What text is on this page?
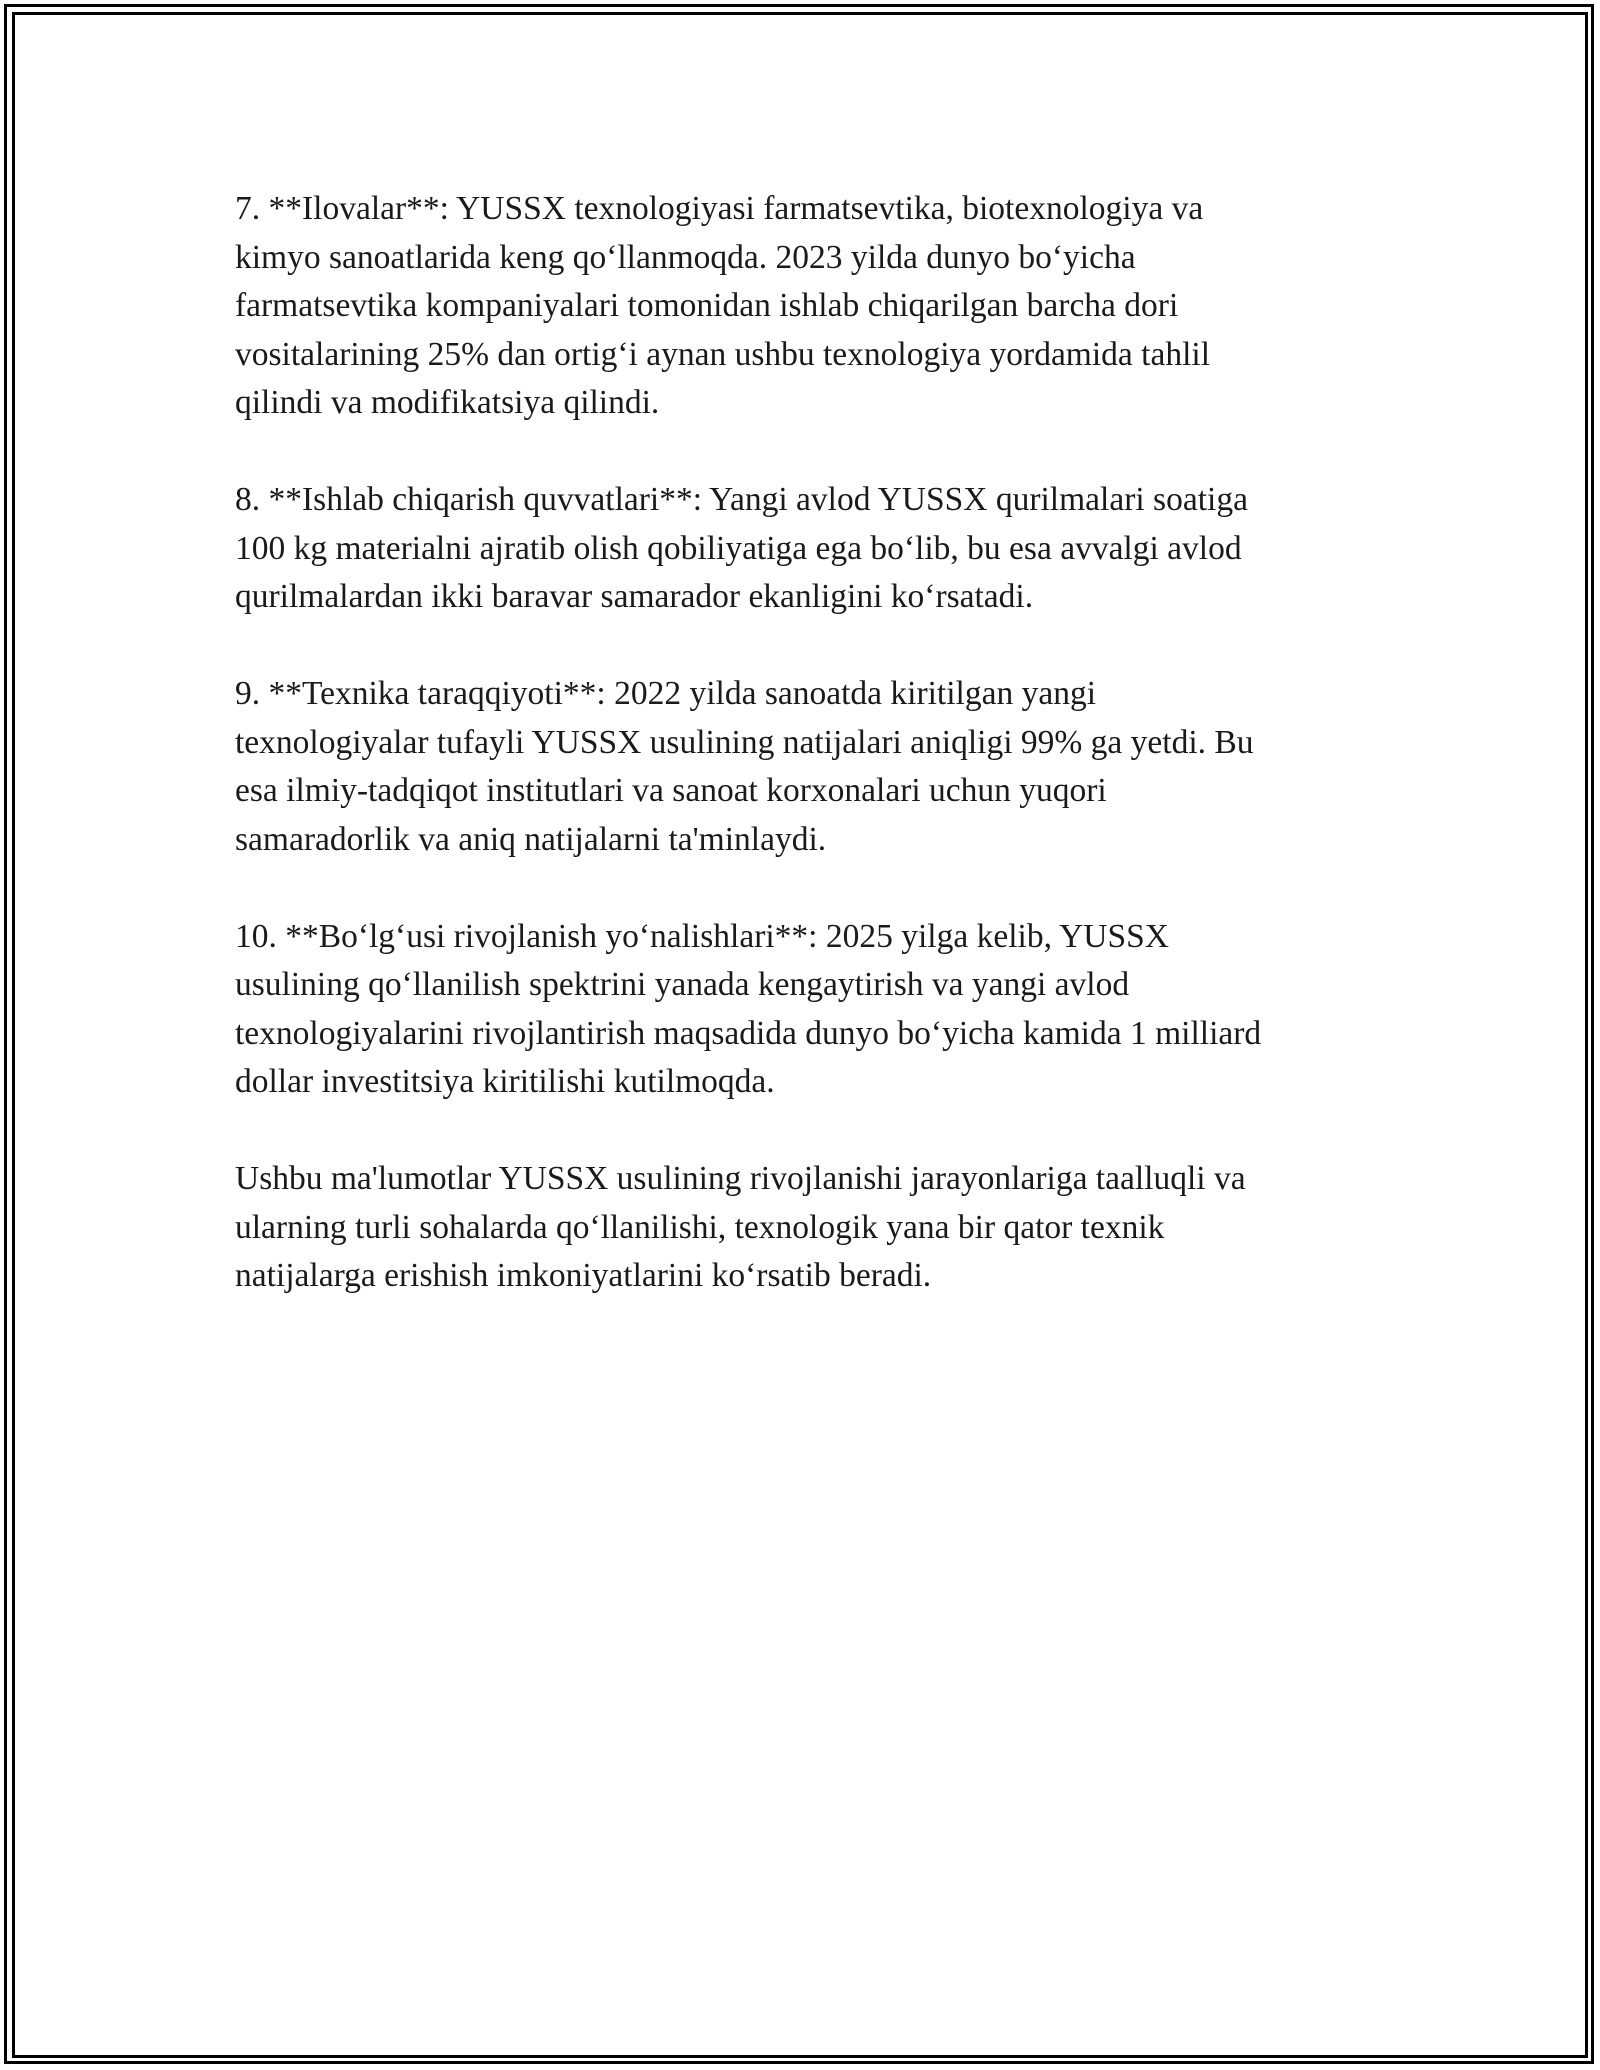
7. **Ilovalar**: YUSSX texnologiyasi farmatsevtika, biotexnologiya va
kimyo sanoatlarida keng qo‘llanmoqda. 2023 yilda dunyo bo‘yicha
farmatsevtika kompaniyalari tomonidan ishlab chiqarilgan barcha dori
vositalarining 25% dan ortig‘i aynan ushbu texnologiya yordamida tahlil
qilindi va modifikatsiya qilindi.

8. **Ishlab chiqarish quvvatlari**: Yangi avlod YUSSX qurilmalari soatiga
100 kg materialni ajratib olish qobiliyatiga ega bo‘lib, bu esa avvalgi avlod
qurilmalardan ikki baravar samarador ekanligini ko‘rsatadi.

9. **Texnika taraqqiyoti**: 2022 yilda sanoatda kiritilgan yangi
texnologiyalar tufayli YUSSX usulining natijalari aniqligi 99% ga yetdi. Bu
esa ilmiy-tadqiqot institutlari va sanoat korxonalari uchun yuqori
samaradorlik va aniq natijalarni ta'minlaydi.

10. **Bo‘lg‘usi rivojlanish yo‘nalishlari**: 2025 yilga kelib, YUSSX
usulining qo‘llanilish spektrini yanada kengaytirish va yangi avlod
texnologiyalarini rivojlantirish maqsadida dunyo bo‘yicha kamida 1 milliard
dollar investitsiya kiritilishi kutilmoqda.

Ushbu ma'lumotlar YUSSX usulining rivojlanishi jarayonlariga taalluqli va
ularning turli sohalarda qo‘llanilishi, texnologik yana bir qator texnik
natijalarga erishish imkoniyatlarini ko‘rsatib beradi.
